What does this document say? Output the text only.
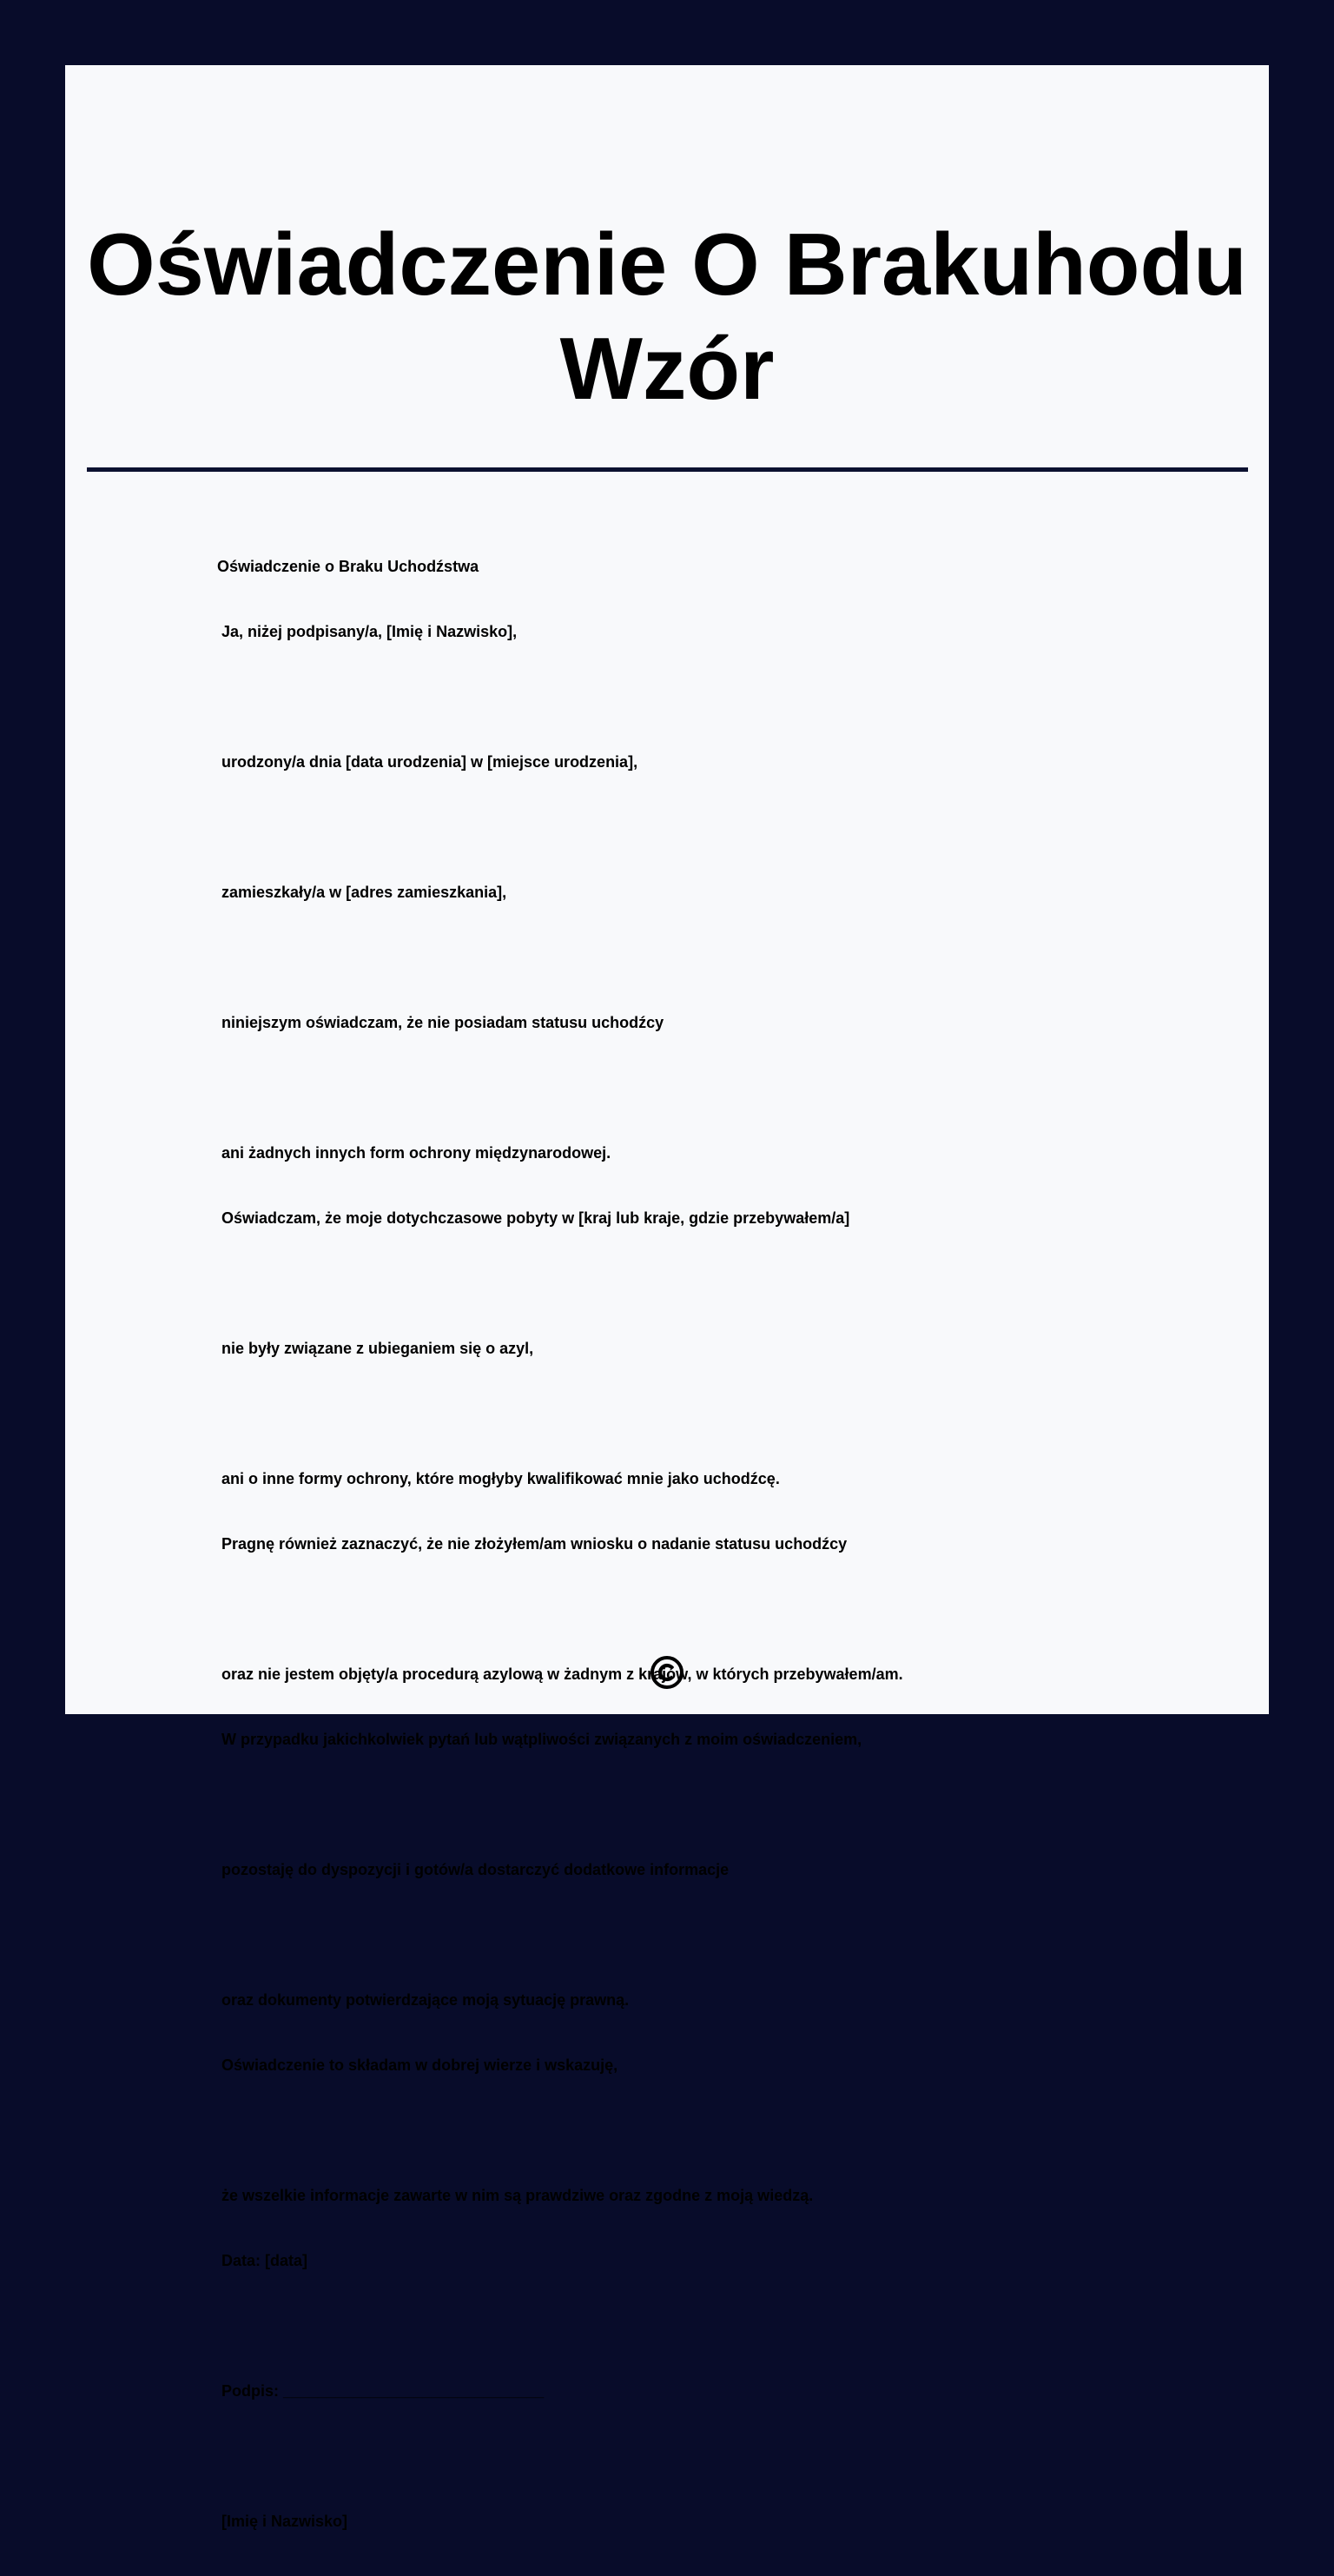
Oświadczenie O Brakuhodu Wzór

Oświadczenie o Braku Uchodźstwa

Ja, niżej podpisany/a, [Imię i Nazwisko],

urodzony/a dnia [data urodzenia] w [miejsce urodzenia],

zamieszkały/a w [adres zamieszkania],

niniejszym oświadczam, że nie posiadam statusu uchodźcy

ani żadnych innych form ochrony międzynarodowej.

Oświadczam, że moje dotychczasowe pobyty w [kraj lub kraje, gdzie przebywałem/a]

nie były związane z ubieganiem się o azyl,

ani o inne formy ochrony, które mogłyby kwalifikować mnie jako uchodźcę.

Pragnę również zaznaczyć, że nie złożyłem/am wniosku o nadanie statusu uchodźcy

oraz nie jestem objęty/a procedurą azylową w żadnym z krajów, w których przebywałem/am.

W przypadku jakichkolwiek pytań lub wątpliwości związanych z moim oświadczeniem,

pozostaję do dyspozycji i gotów/a dostarczyć dodatkowe informacje

oraz dokumenty potwierdzające moją sytuację prawną.

Oświadczenie to składam w dobrej wierze i wskazuję,

że wszelkie informacje zawarte w nim są prawdziwe oraz zgodne z moją wiedzą.

Data: [data]

Podpis: ______________________________

[Imię i Nazwisko]
